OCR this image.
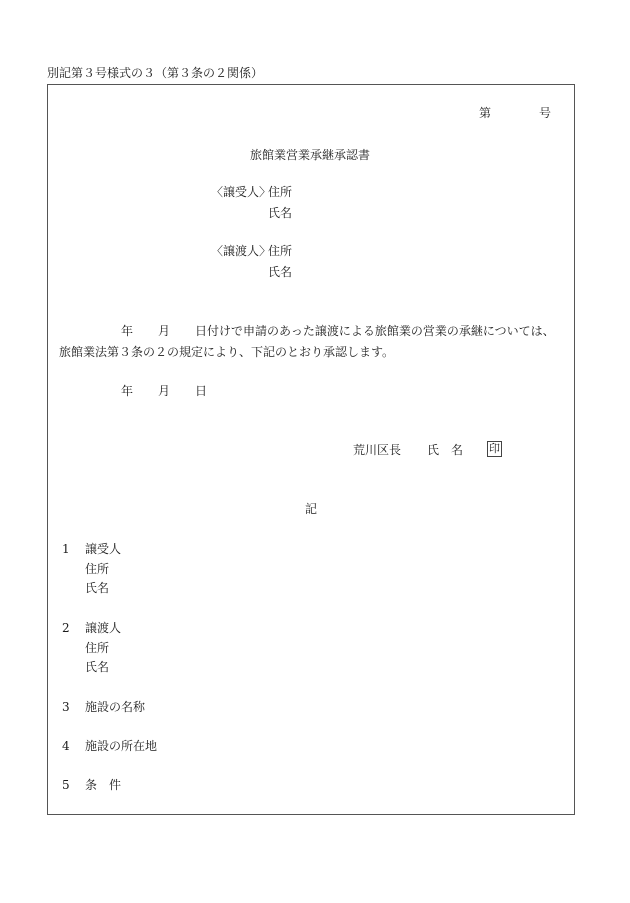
別記第３号様式の３（第３条の２関係）
第	号
旅館業営業承継承認書
〈譲受人〉
住所
氏名
〈譲渡人〉
住所
氏名
年 月 日付けで申請のあった譲渡による旅館業の営業の承継については、
旅館業法第３条の２の規定により、下記のとおり承認します。
年 月 日
荒川区長 氏 名 印
記
1 譲受人
住所
氏名
2 譲渡人
住所
氏名
3 施設の名称
4 施設の所在地
5 条 件
